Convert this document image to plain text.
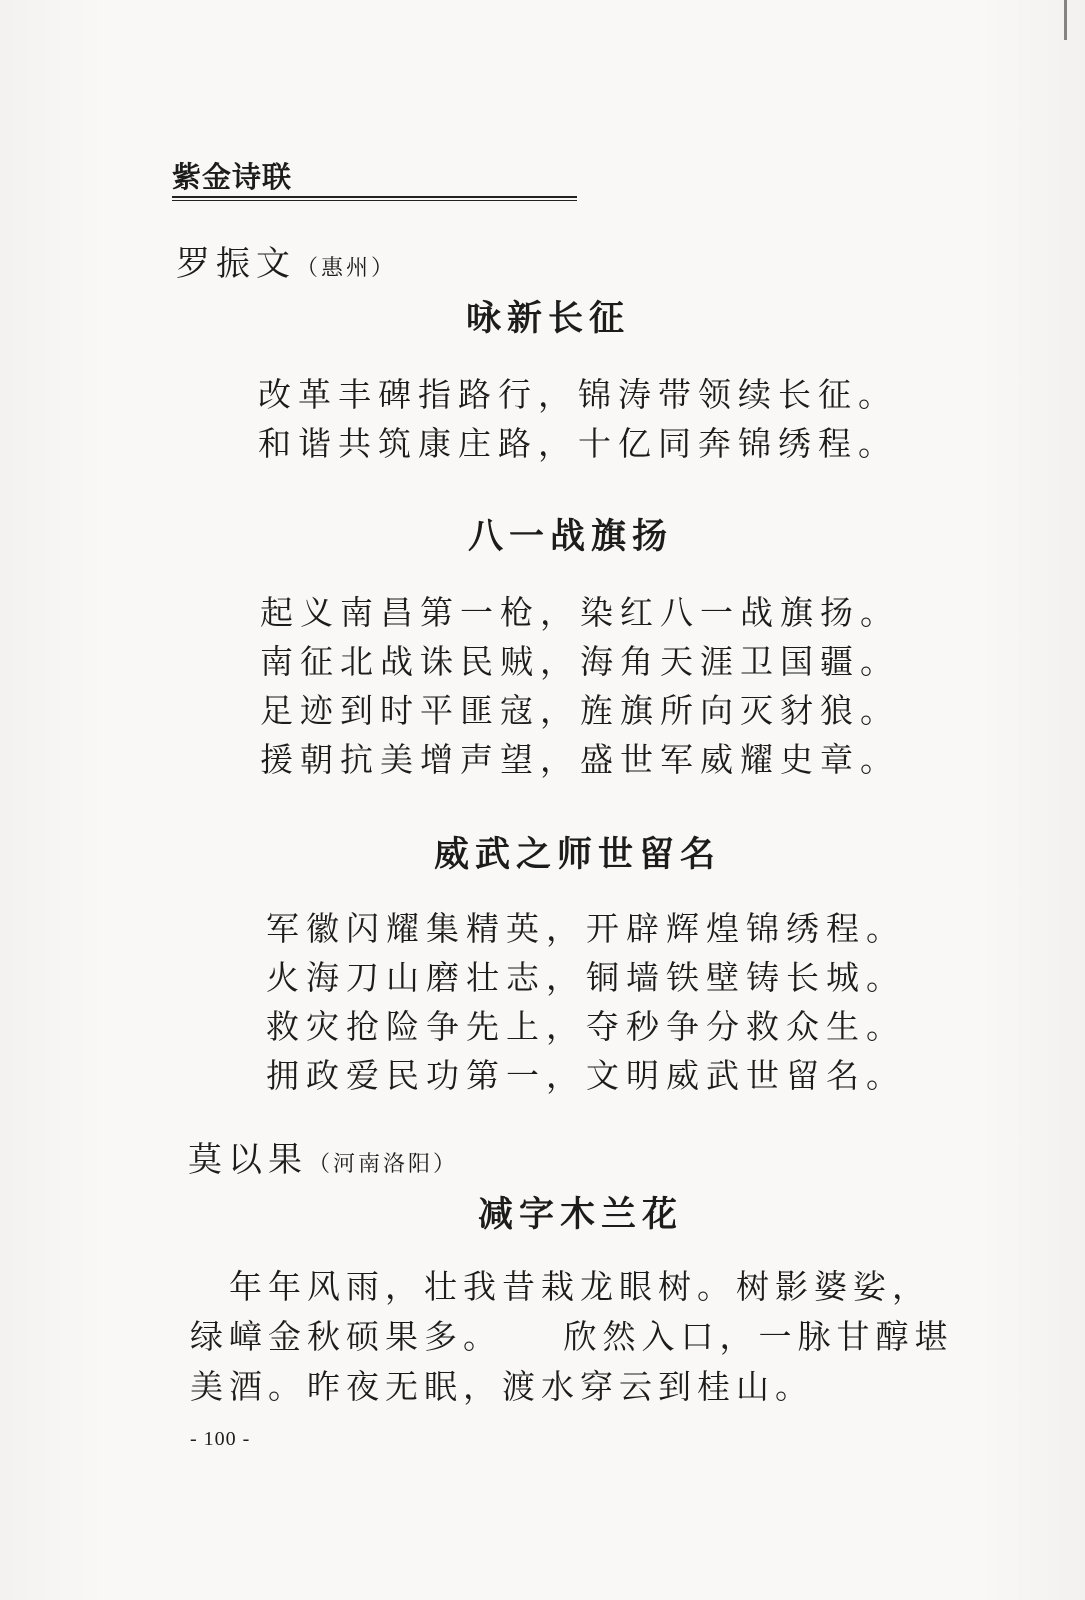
紫金诗联
罗振文（惠州）
咏新长征
改革丰碑指路行，锦涛带领续长征。
和谐共筑康庄路，十亿同奔锦绣程。
八一战旗扬
起义南昌第一枪，染红八一战旗扬。
南征北战诛民贼，海角天涯卫国疆。
足迹到时平匪寇，旌旗所向灭豺狼。
援朝抗美增声望，盛世军威耀史章。
威武之师世留名
军徽闪耀集精英，开辟辉煌锦绣程。
火海刀山磨壮志，铜墙铁壁铸长城。
救灾抢险争先上，夺秒争分救众生。
拥政爱民功第一，文明威武世留名。
莫以果（河南洛阳）
减字木兰花
　年年风雨，壮我昔栽龙眼树。树影婆娑，
绿嶂金秋硕果多。　　欣然入口，一脉甘醇堪
美酒。昨夜无眠，渡水穿云到桂山。
- 100 -
